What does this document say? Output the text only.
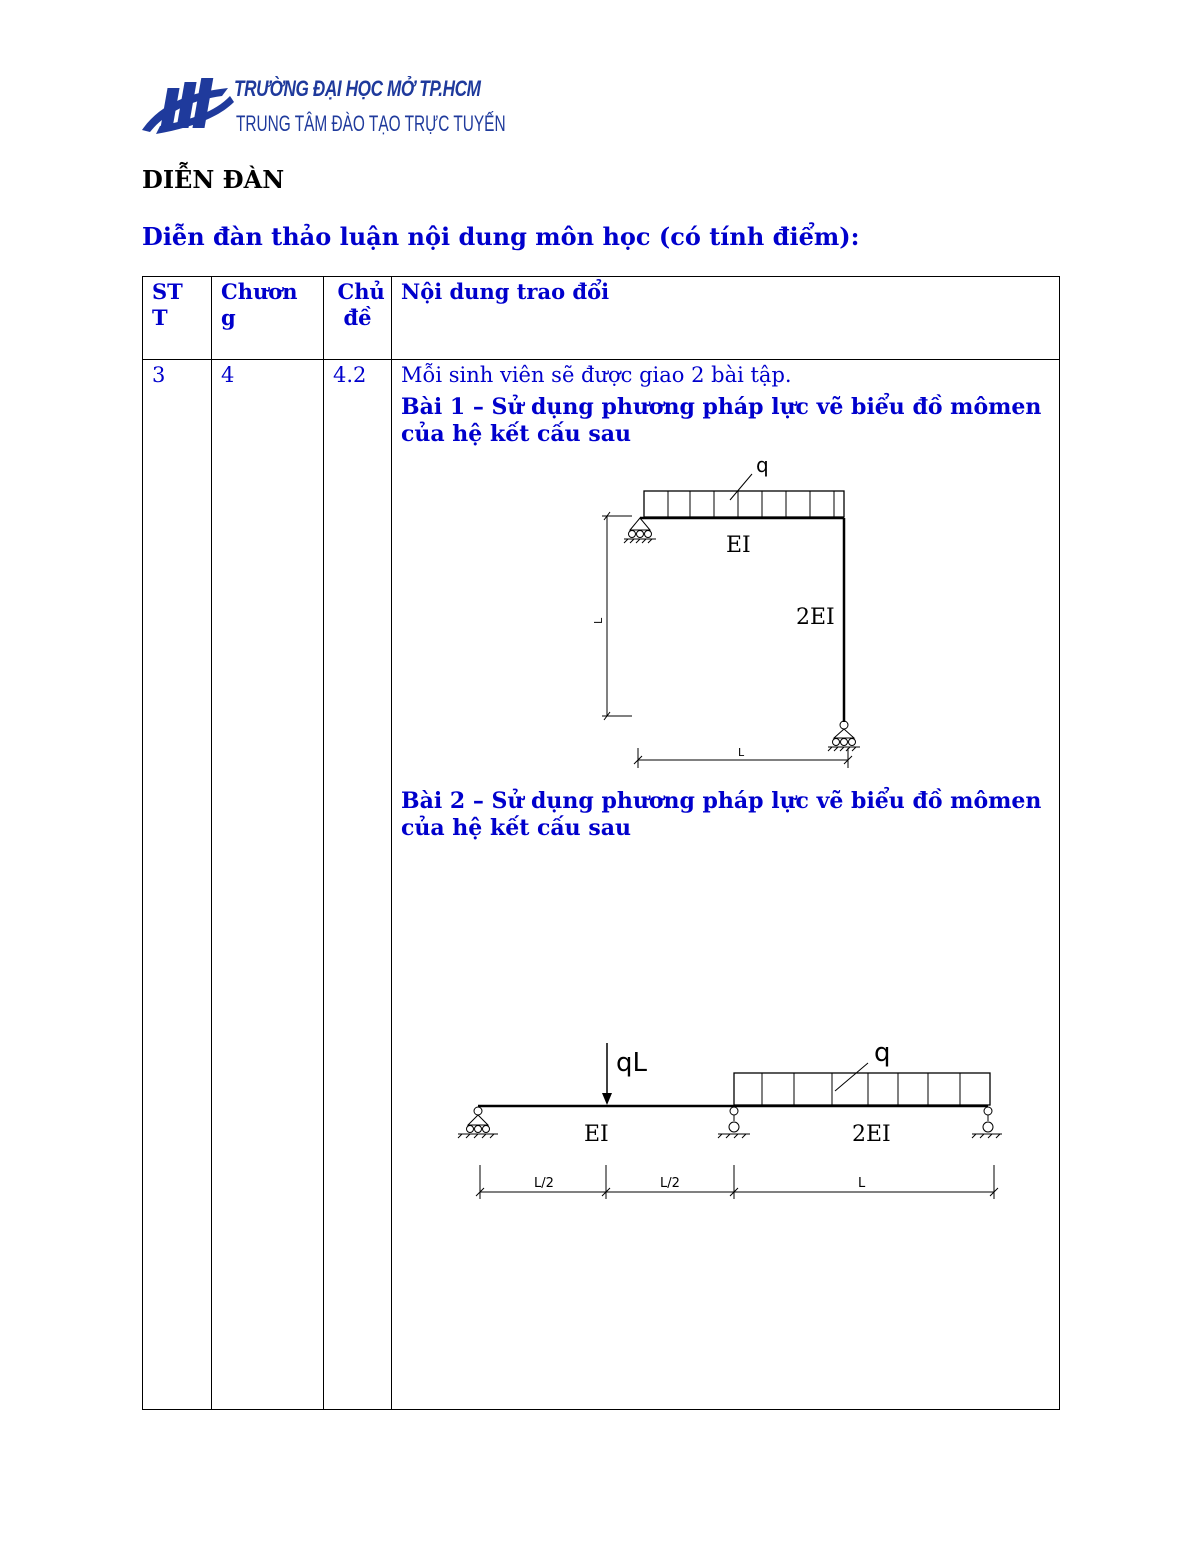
TRƯỜNG ĐẠI HỌC MỞ TP.HCM
TRUNG TÂM ĐÀO TẠO TRỰC TUYẾN
DIỄN ĐÀN
Diễn đàn thảo luận nội dung môn học (có tính điểm):
STT	Chương	Chủ đề	Nội dung trao đổi
3	4	4.2	Mỗi sinh viên sẽ được giao 2 bài tập.

Bài 1 – Sử dụng phương pháp lực vẽ biểu đồ mômen của hệ kết cấu sau

Bài 2 – Sử dụng phương pháp lực vẽ biểu đồ mômen của hệ kết cấu sau

q
EI
2EI
L
L
qL	q
EI	2EI
L/2	L/2	L
